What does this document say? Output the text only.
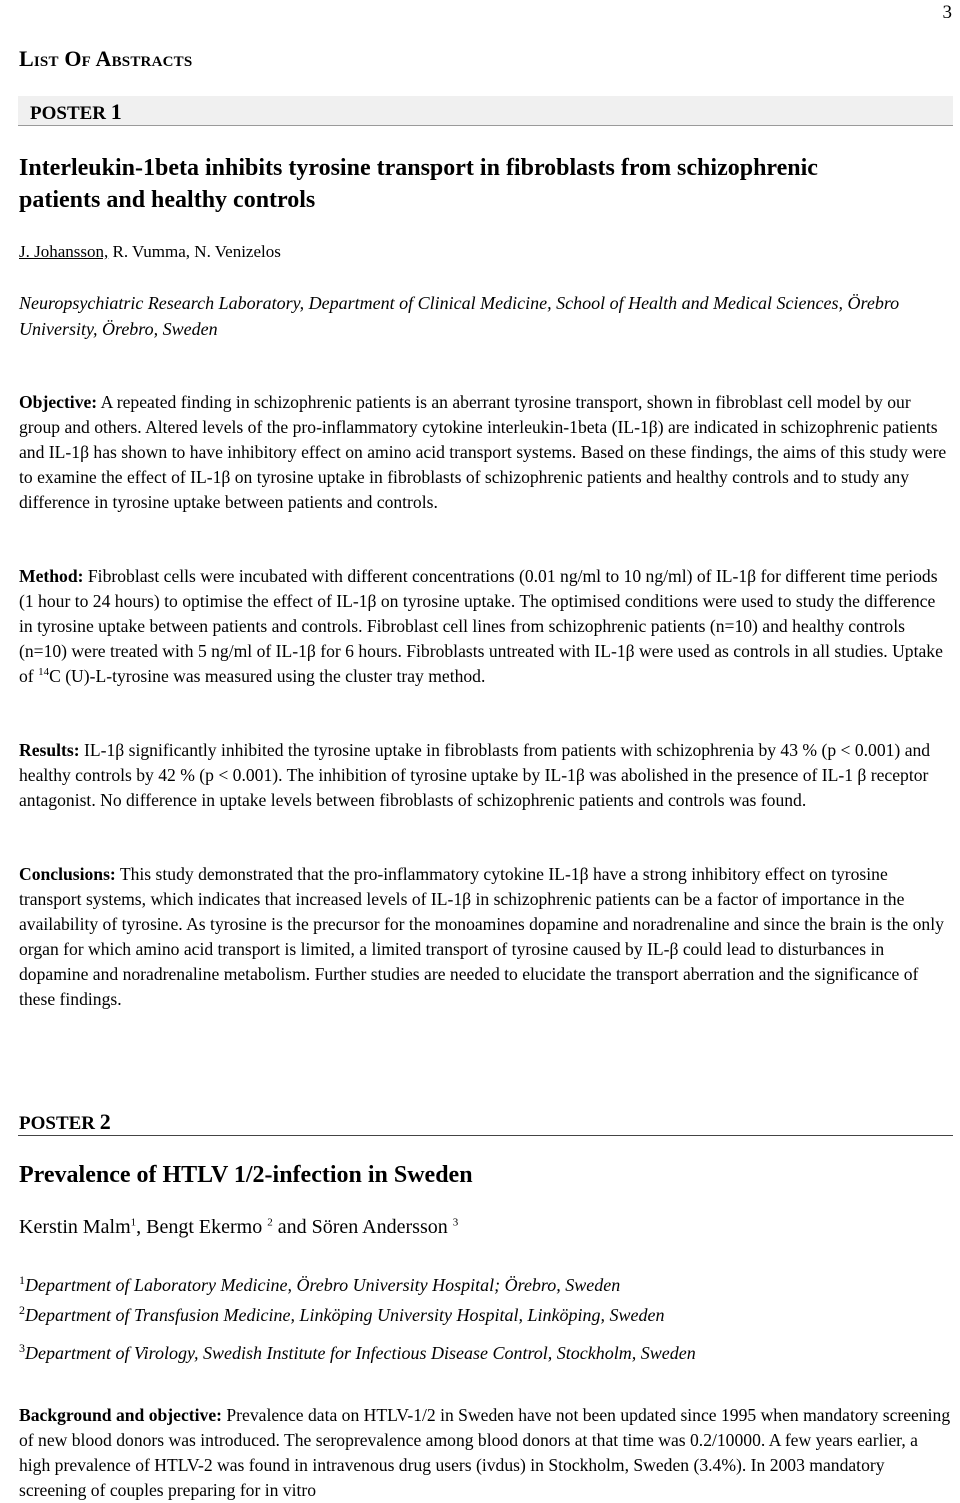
3
List Of Abstracts
POSTER 1
Interleukin-1beta inhibits tyrosine transport in fibroblasts from schizophrenic
patients and healthy controls
J. Johansson, R. Vumma, N. Venizelos
Neuropsychiatric Research Laboratory, Department of Clinical Medicine, School of Health and Medical Sciences, Örebro University, Örebro, Sweden
Objective: A repeated finding in schizophrenic patients is an aberrant tyrosine transport, shown in fibroblast cell model by our group and others. Altered levels of the pro-inflammatory cytokine interleukin-1beta (IL-1β) are indicated in schizophrenic patients and IL-1β has shown to have inhibitory effect on amino acid transport systems. Based on these findings, the aims of this study were to examine the effect of IL-1β on tyrosine uptake in fibroblasts of schizophrenic patients and healthy controls and to study any difference in tyrosine uptake between patients and controls.
Method: Fibroblast cells were incubated with different concentrations (0.01 ng/ml to 10 ng/ml) of IL-1β for different time periods (1 hour to 24 hours) to optimise the effect of IL-1β on tyrosine uptake. The optimised conditions were used to study the difference in tyrosine uptake between patients and controls. Fibroblast cell lines from schizophrenic patients (n=10) and healthy controls (n=10) were treated with 5 ng/ml of IL-1β for 6 hours. Fibroblasts untreated with IL-1β were used as controls in all studies. Uptake of $^{14}$C (U)-L-tyrosine was measured using the cluster tray method.
Results: IL-1β significantly inhibited the tyrosine uptake in fibroblasts from patients with schizophrenia by 43 % (p < 0.001) and healthy controls by 42 % (p < 0.001). The inhibition of tyrosine uptake by IL-1β was abolished in the presence of IL-1 β receptor antagonist. No difference in uptake levels between fibroblasts of schizophrenic patients and controls was found.
Conclusions: This study demonstrated that the pro-inflammatory cytokine IL-1β have a strong inhibitory effect on tyrosine transport systems, which indicates that increased levels of IL-1β in schizophrenic patients can be a factor of importance in the availability of tyrosine. As tyrosine is the precursor for the monoamines dopamine and noradrenaline and since the brain is the only organ for which amino acid transport is limited, a limited transport of tyrosine caused by IL-β could lead to disturbances in dopamine and noradrenaline metabolism. Further studies are needed to elucidate the transport aberration and the significance of these findings.
POSTER 2
Prevalence of HTLV 1/2-infection in Sweden
Kerstin Malm$^1$, Bengt Ekermo $^2$ and Sören Andersson $^3$
$^1$Department of Laboratory Medicine, Örebro University Hospital; Örebro, Sweden
$^2$Department of Transfusion Medicine, Linköping University Hospital, Linköping, Sweden
$^3$Department of Virology, Swedish Institute for Infectious Disease Control, Stockholm, Sweden
Background and objective: Prevalence data on HTLV-1/2 in Sweden have not been updated since 1995 when mandatory screening of new blood donors was introduced. The seroprevalence among blood donors at that time was 0.2/10000. A few years earlier, a high prevalence of HTLV-2 was found in intravenous drug users (ivdus) in Stockholm, Sweden (3.4%). In 2003 mandatory screening of couples preparing for in vitro
